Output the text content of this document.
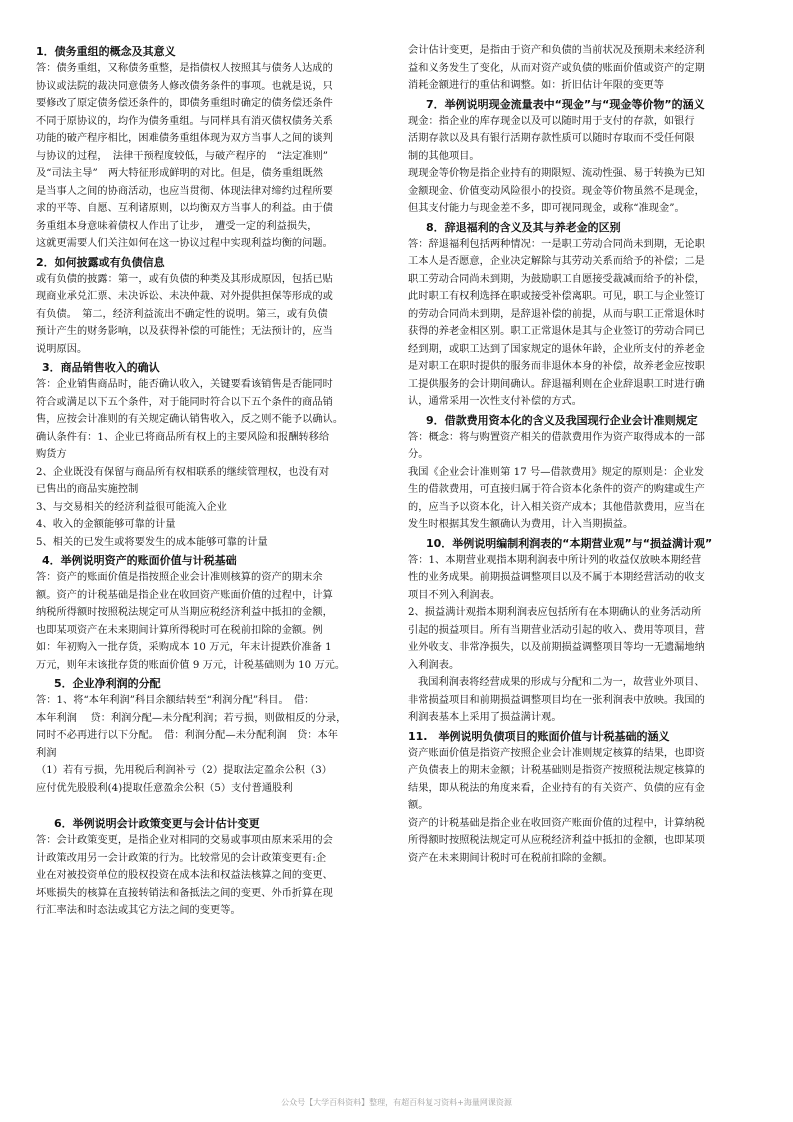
1．债务重组的概念及其意义
答：债务重组，又称债务重整，是指债权人按照其与债务人达成的
协议或法院的裁决同意债务人修改债务条件的事项。也就是说，只
要修改了原定债务偿还条件的，即债务重组时确定的债务偿还条件
不同于原协议的，均作为债务重组。与同样具有消灭债权债务关系
功能的破产程序相比，困难债务重组体现为双方当事人之间的谈判
与协议的过程，　法律干预程度较低，与破产程序的　“法定准则”
及“司法主导”　两大特征形成鲜明的对比。但是，债务重组既然
是当事人之间的协商活动，也应当贯彻、体现法律对缔约过程所要
求的平等、自愿、互利诸原则，以均衡双方当事人的利益。由于债
务重组本身意味着债权人作出了让步，　遭受一定的利益损失，
这就更需要人们关注如何在这一协议过程中实现利益均衡的问题。
2．如何披露或有负债信息
或有负债的披露：第一，或有负债的种类及其形成原因，包括已贴
现商业承兑汇票、未决诉讼、未决仲裁、对外提供担保等形成的或
有负债。　第二，经济利益流出不确定性的说明。第三，或有负债
预计产生的财务影响，以及获得补偿的可能性；无法预计的，应当
说明原因。
3．商品销售收入的确认
答：企业销售商品时，能否确认收入，关键要看该销售是否能同时
符合或满足以下五个条件，对于能同时符合以下五个条件的商品销
售，应按会计准则的有关规定确认销售收入，反之则不能予以确认。
确认条件有：1、企业已将商品所有权上的主要风险和报酬转移给
购货方
2、企业既没有保留与商品所有权相联系的继续管理权，也没有对
已售出的商品实施控制
3、与交易相关的经济利益很可能流入企业
4、收入的金额能够可靠的计量
5、相关的已发生或将要发生的成本能够可靠的计量
4．举例说明资产的账面价值与计税基础
答：资产的账面价值是指按照企业会计准则核算的资产的期末余
额。资产的计税基础是指企业在收回资产账面价值的过程中，计算
纳税所得额时按照税法规定可从当期应税经济利益中抵扣的金额，
也即某项资产在未来期间计算所得税时可在税前扣除的金额。例
如：年初购入一批存货，采购成本 10 万元，年末计提跌价准备 1
万元，则年末该批存货的账面价值 9 万元，计税基础则为 10 万元。
5．企业净利润的分配
答：1、将“本年利润”科目余额结转至“利润分配”科目。　借：
本年利润　 贷：利润分配—未分配利润；若亏损，则做相反的分录，
同时不必再进行以下分配。　借：利润分配—未分配利润　贷：本年
利润
（1）若有亏损，先用税后利润补亏（2）提取法定盈余公积（3）
应付优先股股利(4)提取任意盈余公积（5）支付普通股利
6．举例说明会计政策变更与会计估计变更
答：会计政策变更，是指企业对相同的交易或事项由原来采用的会
计政策改用另一会计政策的行为。比较常见的会计政策变更有:企
业在对被投资单位的股权投资在成本法和权益法核算之间的变更、
坏账损失的核算在直接转销法和备抵法之间的变更、外币折算在现
行汇率法和时态法或其它方法之间的变更等。
会计估计变更，是指由于资产和负债的当前状况及预期未来经济利
益和义务发生了变化，从而对资产或负债的账面价值或资产的定期
消耗金额进行的重估和调整。如：折旧估计年限的变更等
7．举例说明现金流量表中“现金”与“现金等价物”的涵义
现金：指企业的库存现金以及可以随时用于支付的存款，如银行
活期存款以及具有银行活期存款性质可以随时存取而不受任何限
制的其他项目。
现现金等价物是指企业持有的期限短、流动性强、易于转换为已知
金额现金、价值变动风险很小的投资。现金等价物虽然不是现金，
但其支付能力与现金差不多，即可视同现金，或称“准现金”。
8．辞退福利的含义及其与养老金的区别
答：辞退福利包括两种情况：一是职工劳动合同尚未到期，无论职
工本人是否愿意，企业决定解除与其劳动关系而给予的补偿；二是
职工劳动合同尚未到期，为鼓励职工自愿接受裁减而给予的补偿，
此时职工有权利选择在职或接受补偿离职。可见，职工与企业签订
的劳动合同尚未到期，是辞退补偿的前提，从而与职工正常退休时
获得的养老金相区别。职工正常退休是其与企业签订的劳动合同已
经到期，或职工达到了国家规定的退休年龄，企业所支付的养老金
是对职工在职时提供的服务而非退休本身的补偿，故养老金应按职
工提供服务的会计期间确认。辞退福利则在企业辞退职工时进行确
认，通常采用一次性支付补偿的方式。
9．借款费用资本化的含义及我国现行企业会计准则规定
答：概念：将与购置资产相关的借款费用作为资产取得成本的一部
分。
我国《企业会计准则第 17 号—借款费用》规定的原则是：企业发
生的借款费用，可直接归属于符合资本化条件的资产的购建或生产
的，应当予以资本化，计入相关资产成本；其他借款费用，应当在
发生时根据其发生额确认为费用，计入当期损益。
10．举例说明编制利润表的“本期营业观”与“损益满计观”
答：1、本期营业观指本期利润表中所计列的收益仅放映本期经营
性的业务成果。前期损益调整项目以及不属于本期经营活动的收支
项目不列入利润表。
2、损益满计观指本期利润表应包括所有在本期确认的业务活动所
引起的损益项目。所有当期营业活动引起的收入、费用等项目，营
业外收支、非常净损失，以及前期损益调整项目等均一无遗漏地纳
入利润表。
我国利润表将经营成果的形成与分配和二为一，故营业外项目、
非常损益项目和前期损益调整项目均在一张利润表中放映。我国的
利润表基本上采用了损益满计观。
11.　举例说明负债项目的账面价值与计税基础的涵义
资产账面价值是指资产按照企业会计准则规定核算的结果，也即资
产负债表上的期末金额；计税基础则是指资产按照税法规定核算的
结果，即从税法的角度来看，企业持有的有关资产、负债的应有金
额。
资产的计税基础是指企业在收回资产账面价值的过程中，计算纳税
所得额时按照税法规定可从应税经济利益中抵扣的金额，也即某项
资产在未来期间计税时可在税前扣除的金额。
公众号【大学百科资料】整理，有超百科复习资料+海量网课资源
